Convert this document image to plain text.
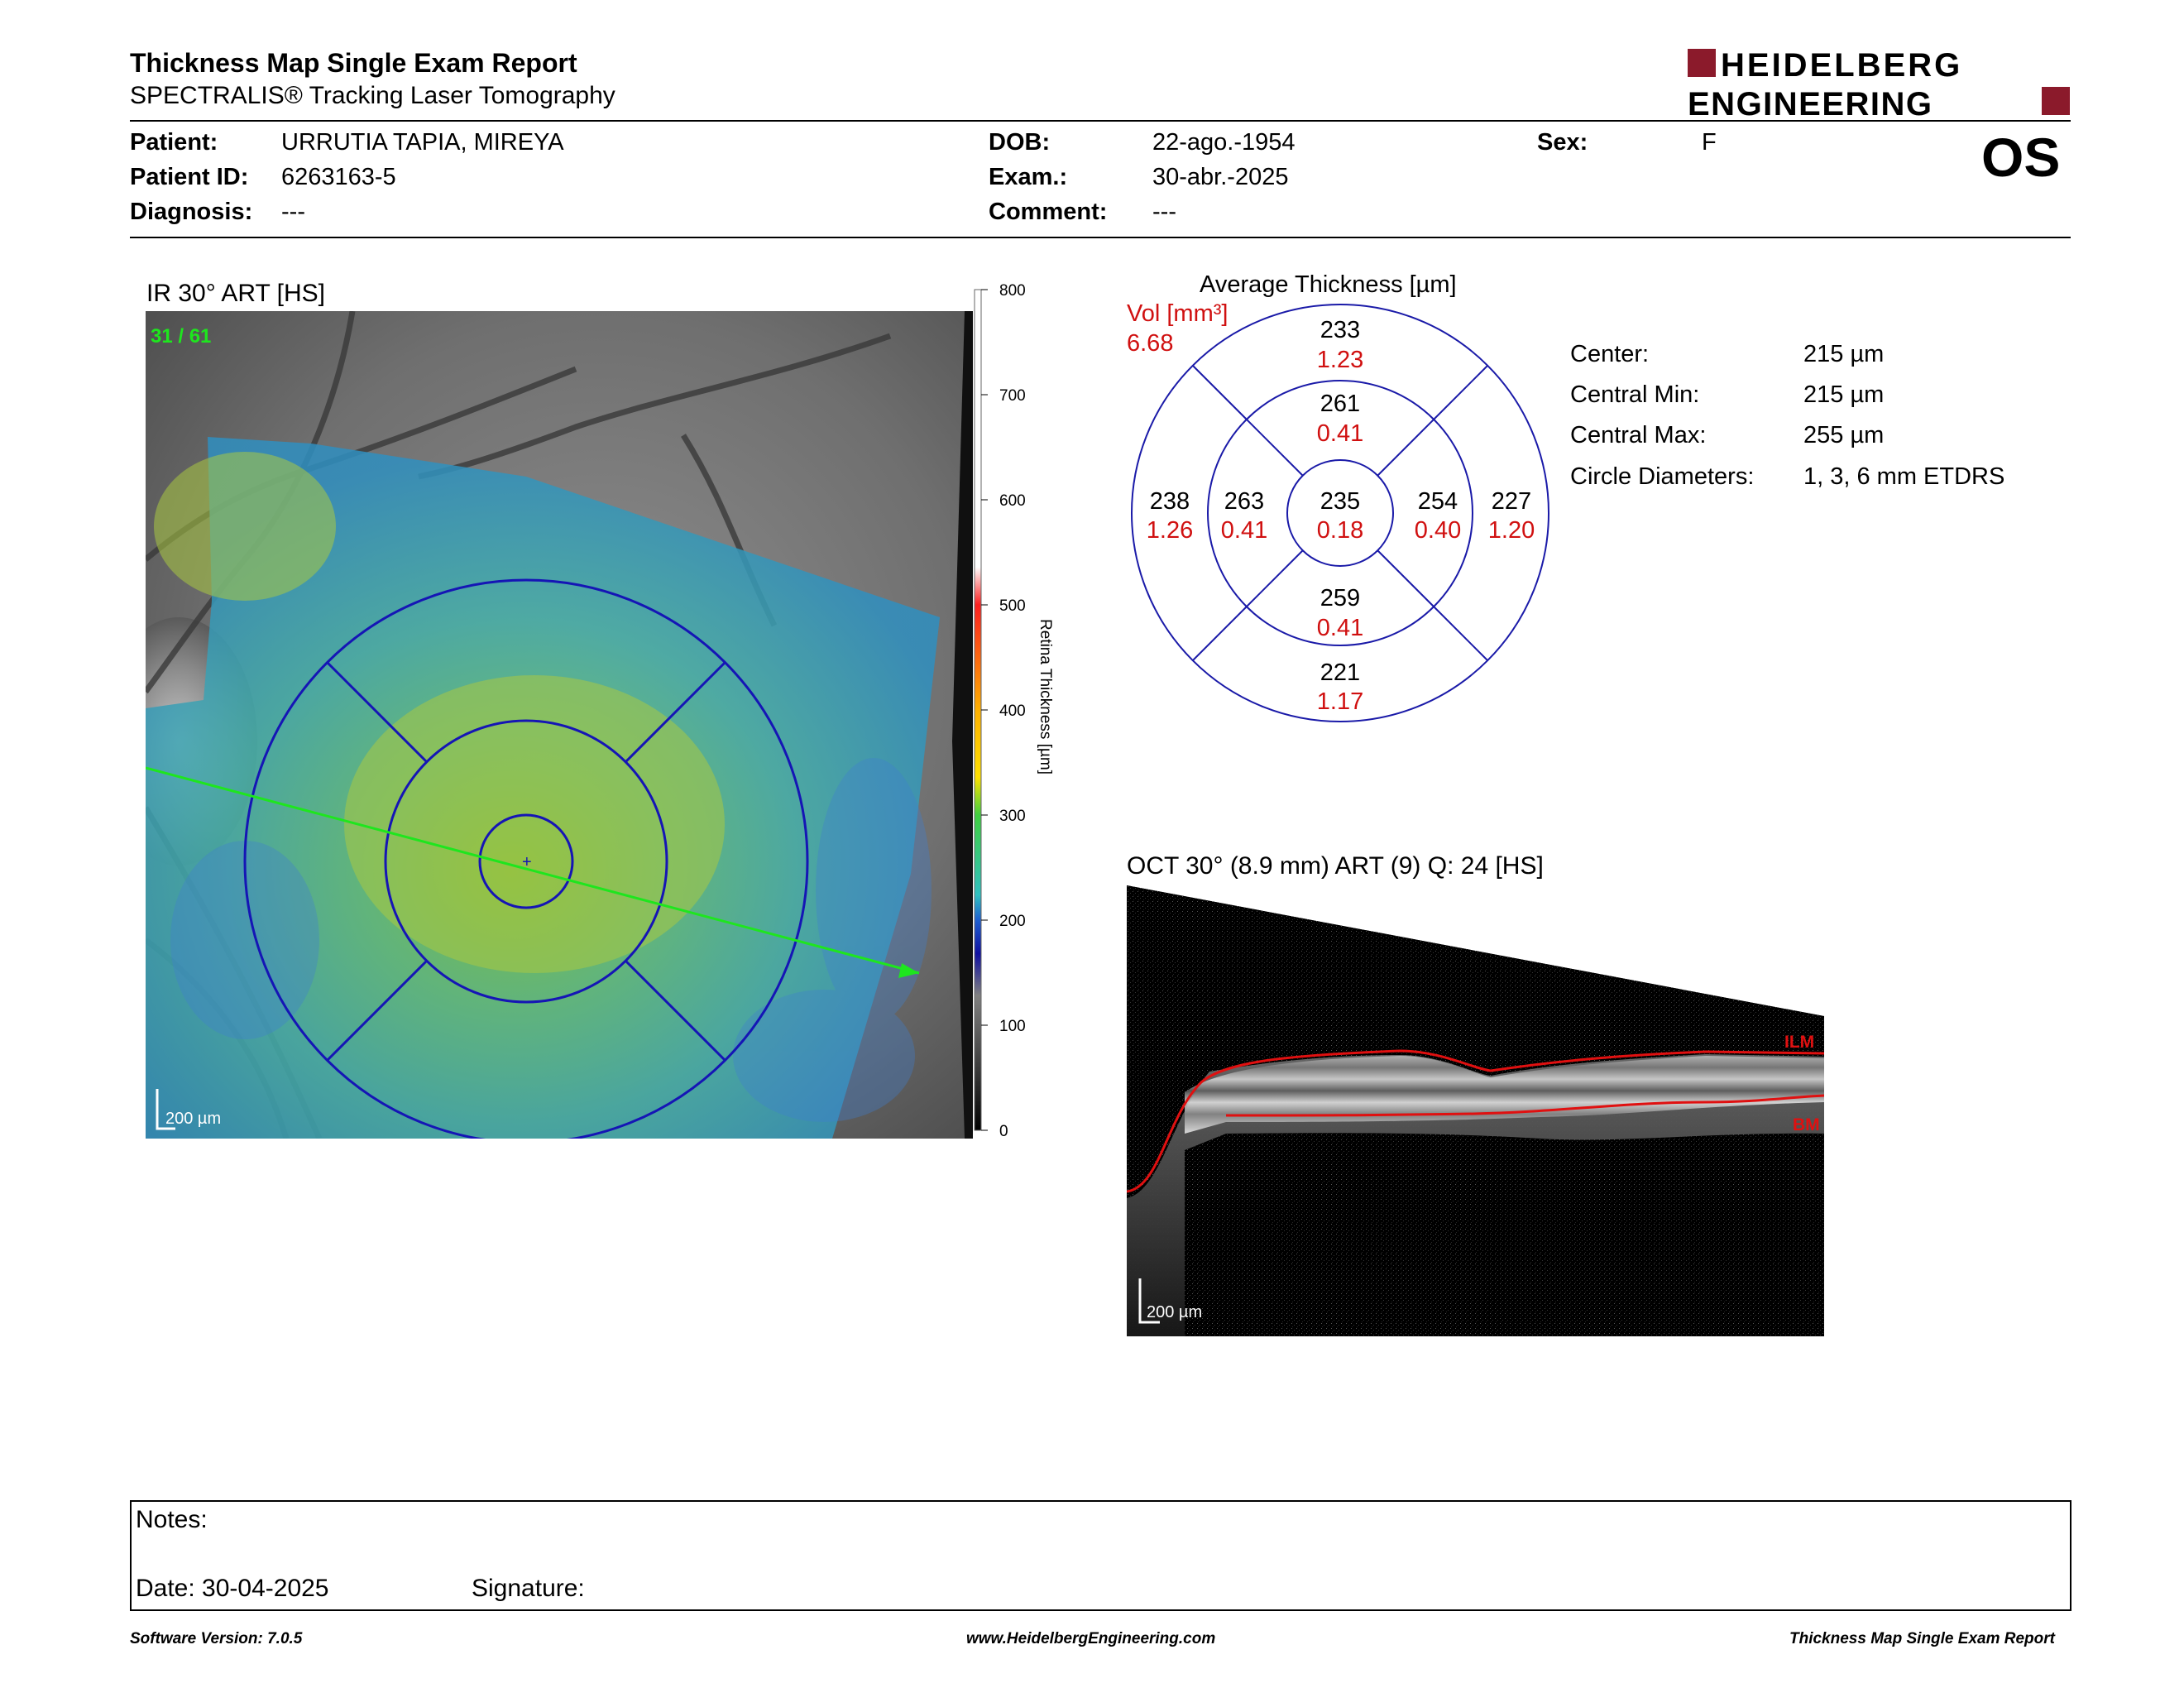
Thickness Map Single Exam Report
SPECTRALIS® Tracking Laser Tomography
HEIDELBERG
ENGINEERING
Patient:	URRUTIA TAPIA, MIREYA
Patient ID: 6263163-5
Diagnosis: ---
DOB:	22-ago.-1954
Exam.:	30-abr.-2025
Comment: ---
Sex:	F	OS
IR 30° ART [HS]
+
31 / 61
200 µm
800
700
600
500
400
300
200
100
0
Retina Thickness [µm]
Average Thickness [µm]
233
1.23
261
0.41
238
1.26
263
0.41
235
0.18
254
0.40
227
1.20
259
0.41
221
1.17
Vol [mm³]
6.68	Center:	215 µm
Central Min:	215 µm
Central Max:	255 µm
Circle Diameters: 1, 3, 6 mm ETDRS
OCT 30° (8.9 mm) ART (9) Q: 24 [HS]
ILM
BM
200 µm
Notes:
Date: 30-04-2025	Signature:
Software Version: 7.0.5	www.HeidelbergEngineering.com	Thickness Map Single Exam Report
